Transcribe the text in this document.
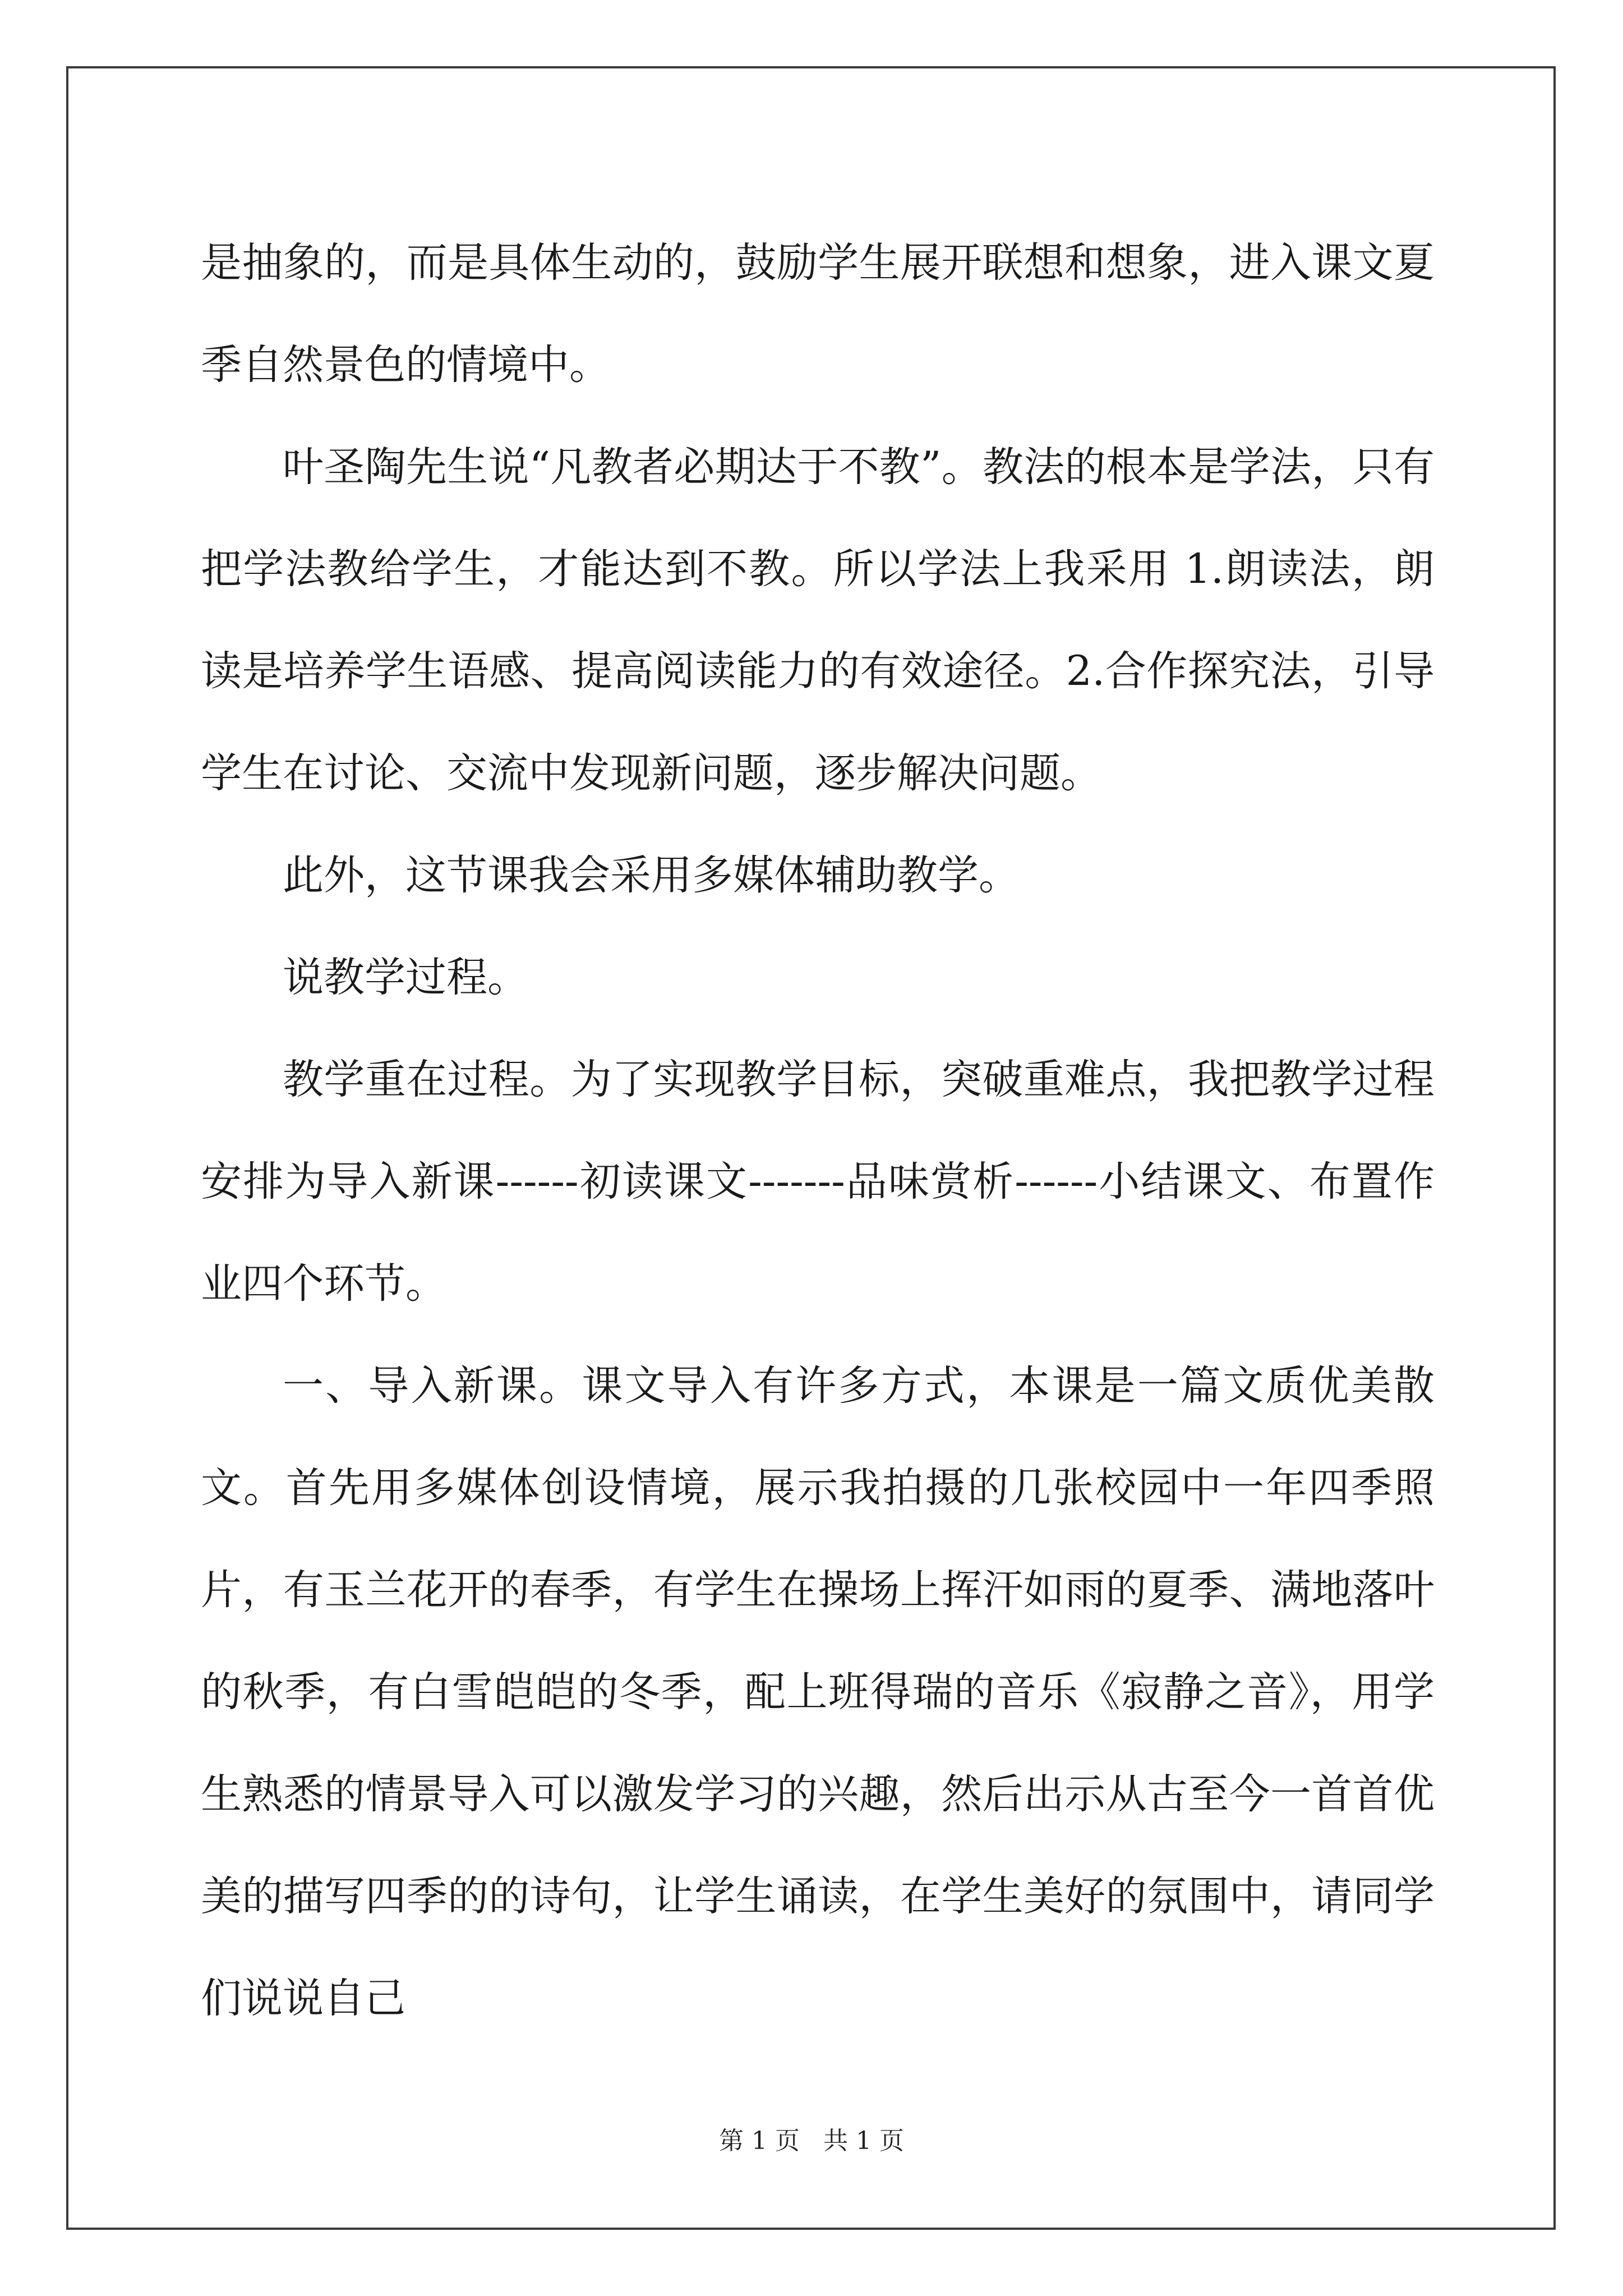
是抽象的，而是具体生动的，鼓励学生展开联想和想象，进入课文夏季自然景色的情境中。

叶圣陶先生说“凡教者必期达于不教”。教法的根本是学法，只有把学法教给学生，才能达到不教。所以学法上我采用 1.朗读法，朗读是培养学生语感、提高阅读能力的有效途径。2.合作探究法，引导学生在讨论、交流中发现新问题，逐步解决问题。

此外，这节课我会采用多媒体辅助教学。

说教学过程。

教学重在过程。为了实现教学目标，突破重难点，我把教学过程安排为导入新课------初读课文-------品味赏析------小结课文、布置作业四个环节。

一、导入新课。课文导入有许多方式，本课是一篇文质优美散文。首先用多媒体创设情境，展示我拍摄的几张校园中一年四季照片，有玉兰花开的春季，有学生在操场上挥汗如雨的夏季、满地落叶的秋季，有白雪皑皑的冬季，配上班得瑞的音乐《寂静之音》，用学生熟悉的情景导入可以激发学习的兴趣，然后出示从古至今一首首优美的描写四季的的诗句，让学生诵读，在学生美好的氛围中，请同学们说说自己

第 1 页   共 1 页
